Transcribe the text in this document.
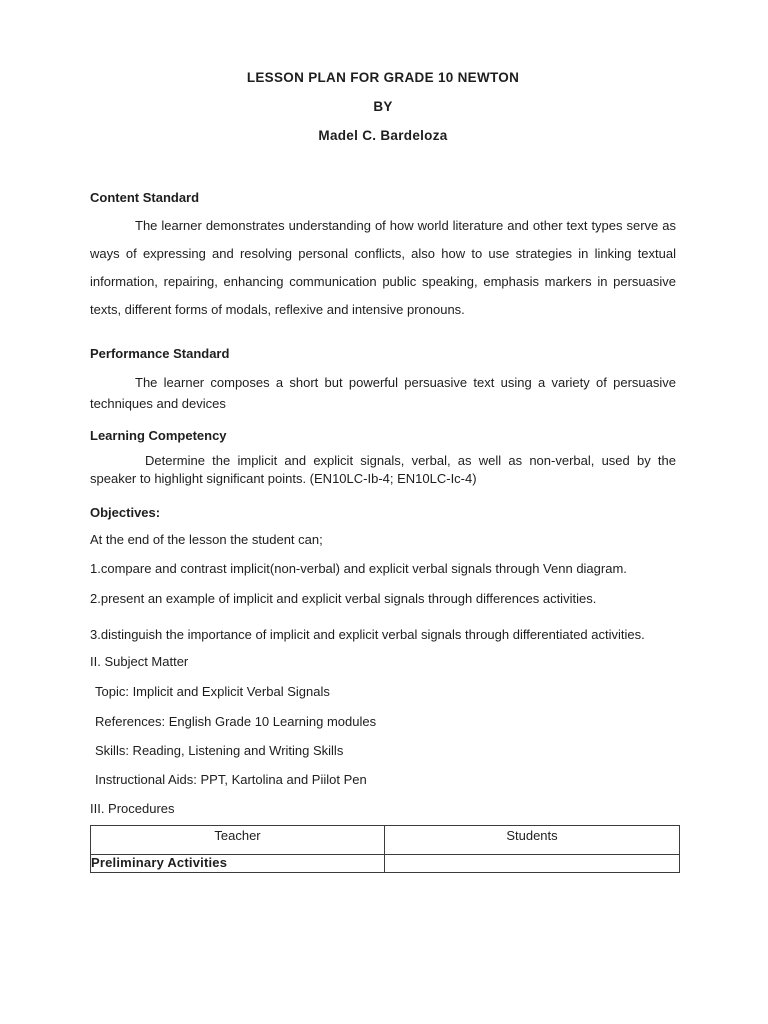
LESSON PLAN FOR GRADE 10 NEWTON

BY

Madel C. Bardeloza

Content Standard

The learner demonstrates understanding of how world literature and other text types serve as ways of expressing and resolving personal conflicts, also how to use strategies in linking textual information, repairing, enhancing communication public speaking, emphasis markers in persuasive texts, different forms of modals, reflexive and intensive pronouns.

Performance Standard

The learner composes a short but powerful persuasive text using a variety of persuasive techniques and devices

Learning Competency

Determine the implicit and explicit signals, verbal, as well as non-verbal, used by the speaker to highlight significant points. (EN10LC-Ib-4; EN10LC-Ic-4)

Objectives:

At the end of the lesson the student can;

1.compare and contrast implicit(non-verbal) and explicit verbal signals through Venn diagram.

2.present an example of implicit and explicit verbal signals through differences activities.

3.distinguish the importance of implicit and explicit verbal signals through differentiated activities.

II. Subject Matter

Topic: Implicit and Explicit Verbal Signals

References: English Grade 10 Learning modules

Skills: Reading, Listening and Writing Skills

Instructional Aids: PPT, Kartolina and Piilot Pen

III. Procedures

Teacher	Students
Preliminary Activities	
